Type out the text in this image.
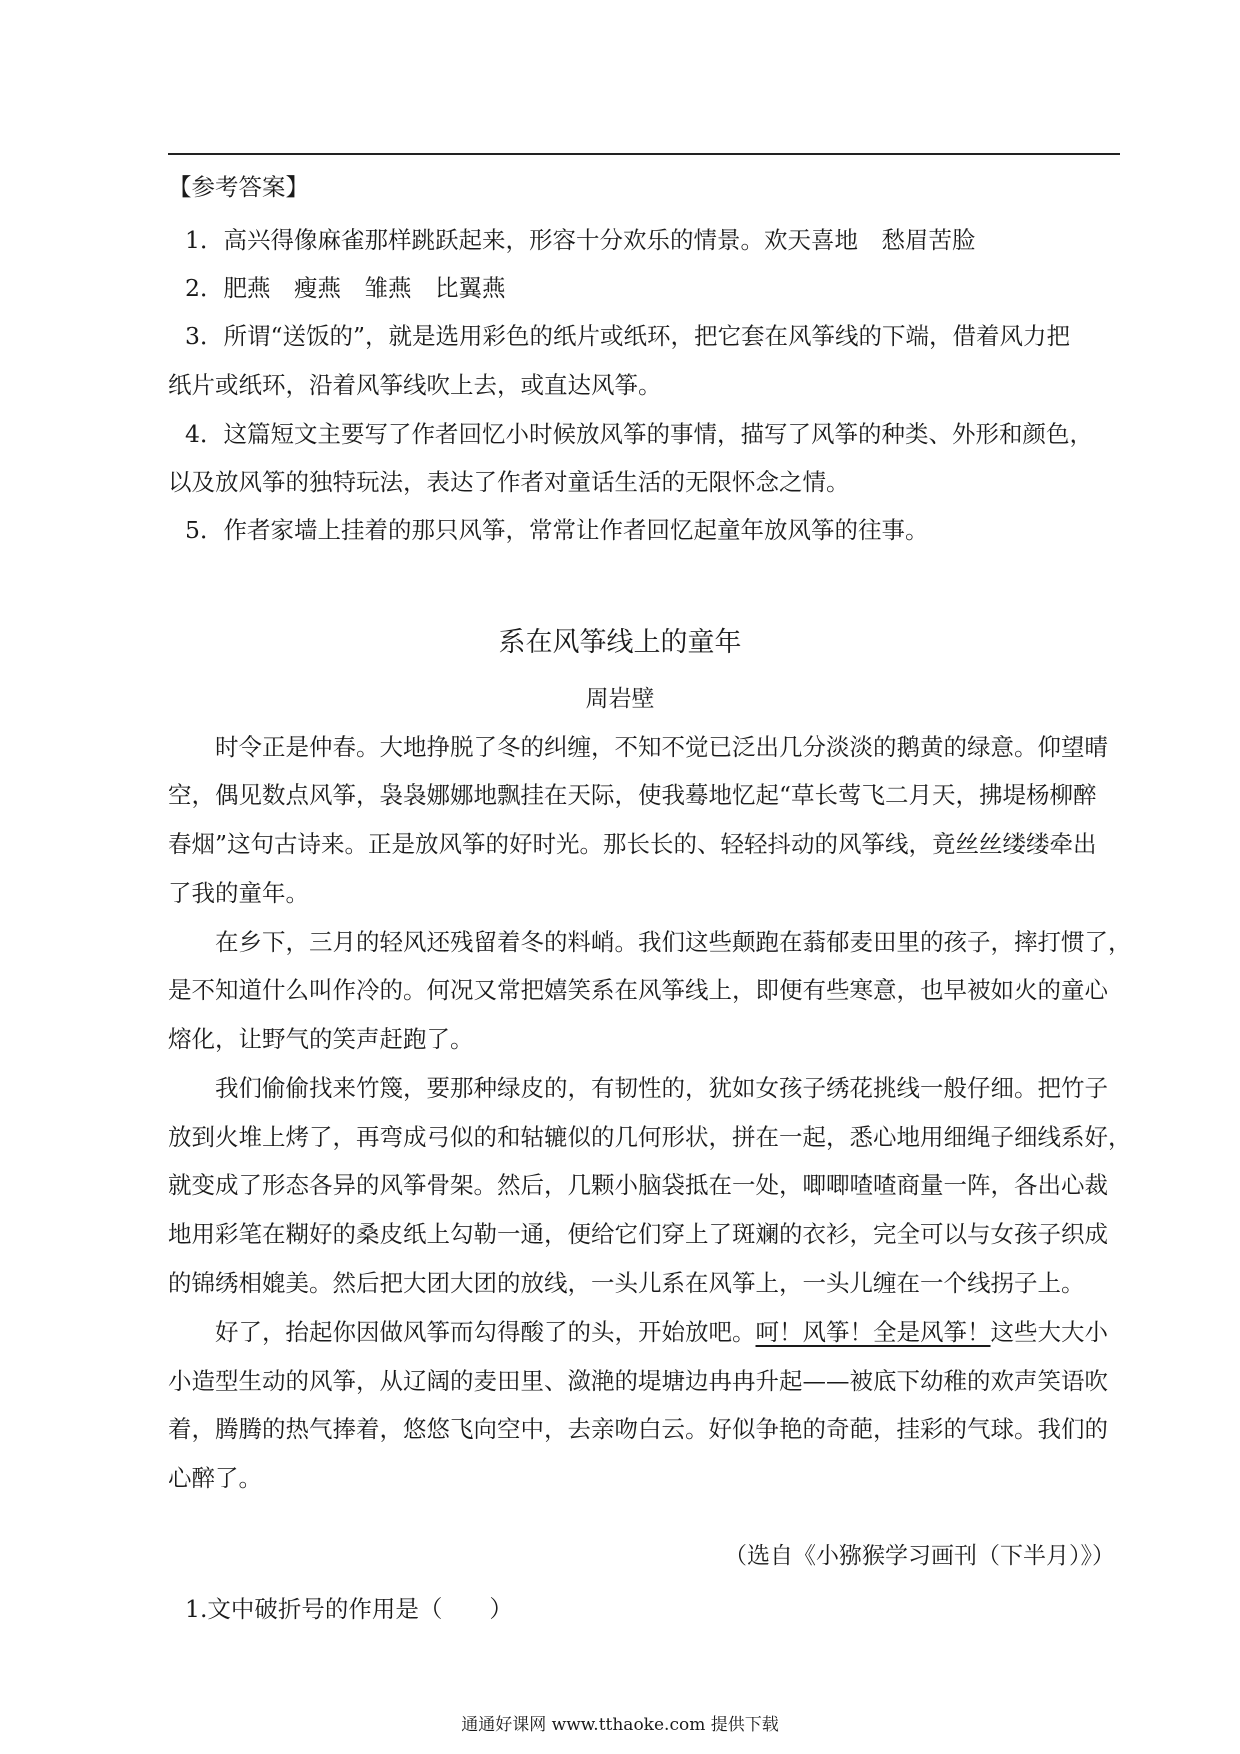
【参考答案】
1．高兴得像麻雀那样跳跃起来，形容十分欢乐的情景。欢天喜地　愁眉苦脸
2．肥燕　瘦燕　雏燕　比翼燕
3．所谓“送饭的”，就是选用彩色的纸片或纸环，把它套在风筝线的下端，借着风力把
纸片或纸环，沿着风筝线吹上去，或直达风筝。
4．这篇短文主要写了作者回忆小时候放风筝的事情，描写了风筝的种类、外形和颜色，
以及放风筝的独特玩法，表达了作者对童话生活的无限怀念之情。
5．作者家墙上挂着的那只风筝，常常让作者回忆起童年放风筝的往事。
系在风筝线上的童年
周岩壁
时令正是仲春。大地挣脱了冬的纠缠，不知不觉已泛出几分淡淡的鹅黄的绿意。仰望晴
空，偶见数点风筝，袅袅娜娜地飘挂在天际，使我蓦地忆起“草长莺飞二月天，拂堤杨柳醉
春烟”这句古诗来。正是放风筝的好时光。那长长的、轻轻抖动的风筝线，竟丝丝缕缕牵出
了我的童年。
在乡下，三月的轻风还残留着冬的料峭。我们这些颠跑在蓊郁麦田里的孩子，摔打惯了，
是不知道什么叫作冷的。何况又常把嬉笑系在风筝线上，即便有些寒意，也早被如火的童心
熔化，让野气的笑声赶跑了。
我们偷偷找来竹篾，要那种绿皮的，有韧性的，犹如女孩子绣花挑线一般仔细。把竹子
放到火堆上烤了，再弯成弓似的和轱辘似的几何形状，拼在一起，悉心地用细绳子细线系好，
就变成了形态各异的风筝骨架。然后，几颗小脑袋抵在一处，唧唧喳喳商量一阵，各出心裁
地用彩笔在糊好的桑皮纸上勾勒一通，便给它们穿上了斑斓的衣衫，完全可以与女孩子织成
的锦绣相媲美。然后把大团大团的放线，一头儿系在风筝上，一头儿缠在一个线拐子上。
好了，抬起你因做风筝而勾得酸了的头，开始放吧。呵！风筝！全是风筝！这些大大小
小造型生动的风筝，从辽阔的麦田里、潋滟的堤塘边冉冉升起——被底下幼稚的欢声笑语吹
着，腾腾的热气捧着，悠悠飞向空中，去亲吻白云。好似争艳的奇葩，挂彩的气球。我们的
心醉了。
（选自《小猕猴学习画刊（下半月）》）
1.文中破折号的作用是（　　）
通通好课网 www.tthaoke.com 提供下载
